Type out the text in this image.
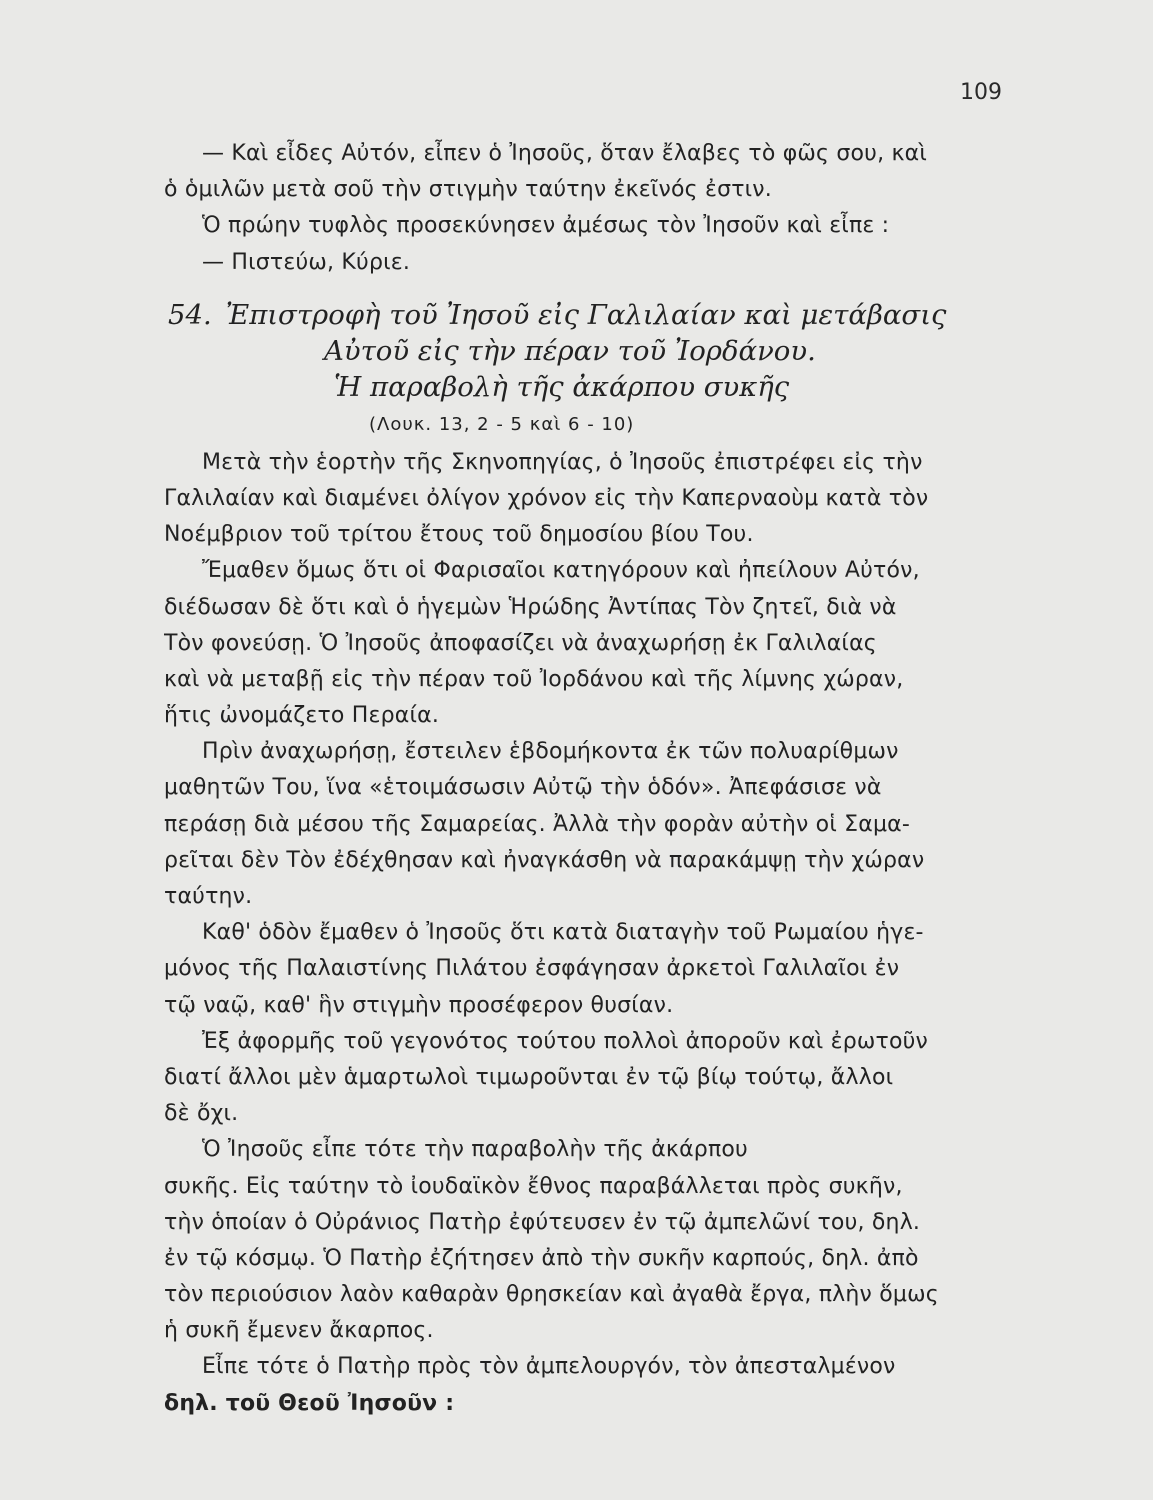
109
— Καὶ εἶδες Αὐτόν, εἶπεν ὁ Ἰησοῦς, ὅταν ἔλαβες τὸ φῶς σου, καὶ
ὁ ὁμιλῶν μετὰ σοῦ τὴν στιγμὴν ταύτην ἐκεῖνός ἐστιν.
Ὁ πρώην τυφλὸς προσεκύνησεν ἀμέσως τὸν Ἰησοῦν καὶ εἶπε :
— Πιστεύω, Κύριε.
54. Ἐπιστροφὴ τοῦ Ἰησοῦ εἰς Γαλιλαίαν καὶ μετάβασις
Αὐτοῦ εἰς τὴν πέραν τοῦ Ἰορδάνου.
Ἡ παραβολὴ τῆς ἀκάρπου συκῆς
(Λουκ. 13, 2 - 5 καὶ 6 - 10)
Μετὰ τὴν ἑορτὴν τῆς Σκηνοπηγίας, ὁ Ἰησοῦς ἐπιστρέφει εἰς τὴν
Γαλιλαίαν καὶ διαμένει ὀλίγον χρόνον εἰς τὴν Καπερναοὺμ κατὰ τὸν
Νοέμβριον τοῦ τρίτου ἔτους τοῦ δημοσίου βίου Του.
Ἔμαθεν ὅμως ὅτι οἱ Φαρισαῖοι κατηγόρουν καὶ ἠπείλουν Αὐτόν,
διέδωσαν δὲ ὅτι καὶ ὁ ἡγεμὼν Ἡρώδης Ἀντίπας Τὸν ζητεῖ, διὰ νὰ
Τὸν φονεύσῃ. Ὁ Ἰησοῦς ἀποφασίζει νὰ ἀναχωρήσῃ ἐκ Γαλιλαίας
καὶ νὰ μεταβῇ εἰς τὴν πέραν τοῦ Ἰορδάνου καὶ τῆς λίμνης χώραν,
ἥτις ὠνομάζετο Περαία.
Πρὶν ἀναχωρήσῃ, ἔστειλεν ἑβδομήκοντα ἐκ τῶν πολυαρίθμων
μαθητῶν Του, ἵνα «ἑτοιμάσωσιν Αὐτῷ τὴν ὁδόν». Ἀπεφάσισε νὰ
περάσῃ διὰ μέσου τῆς Σαμαρείας. Ἀλλὰ τὴν φορὰν αὐτὴν οἱ Σαμα-
ρεῖται δὲν Τὸν ἐδέχθησαν καὶ ἠναγκάσθη νὰ παρακάμψῃ τὴν χώραν
ταύτην.
Καθ' ὁδὸν ἔμαθεν ὁ Ἰησοῦς ὅτι κατὰ διαταγὴν τοῦ Ρωμαίου ἡγε-
μόνος τῆς Παλαιστίνης Πιλάτου ἐσφάγησαν ἀρκετοὶ Γαλιλαῖοι ἐν
τῷ ναῷ, καθ' ἣν στιγμὴν προσέφερον θυσίαν.
Ἐξ ἀφορμῆς τοῦ γεγονότος τούτου πολλοὶ ἀποροῦν καὶ ἐρωτοῦν
διατί ἄλλοι μὲν ἁμαρτωλοὶ τιμωροῦνται ἐν τῷ βίῳ τούτῳ, ἄλλοι
δὲ ὄχι.
Ὁ Ἰησοῦς εἶπε τότε τὴν παραβολὴν τῆς ἀκάρπου
συκῆς. Εἰς ταύτην τὸ ἰουδαϊκὸν ἔθνος παραβάλλεται πρὸς συκῆν,
τὴν ὁποίαν ὁ Οὐράνιος Πατὴρ ἐφύτευσεν ἐν τῷ ἀμπελῶνί του, δηλ.
ἐν τῷ κόσμῳ. Ὁ Πατὴρ ἐζήτησεν ἀπὸ τὴν συκῆν καρπούς, δηλ. ἀπὸ
τὸν περιούσιον λαὸν καθαρὰν θρησκείαν καὶ ἀγαθὰ ἔργα, πλὴν ὅμως
ἡ συκῆ ἔμενεν ἄκαρπος.
Εἶπε τότε ὁ Πατὴρ πρὸς τὸν ἀμπελουργόν, τὸν ἀπεσταλμένον
δηλ. τοῦ Θεοῦ Ἰησοῦν :
